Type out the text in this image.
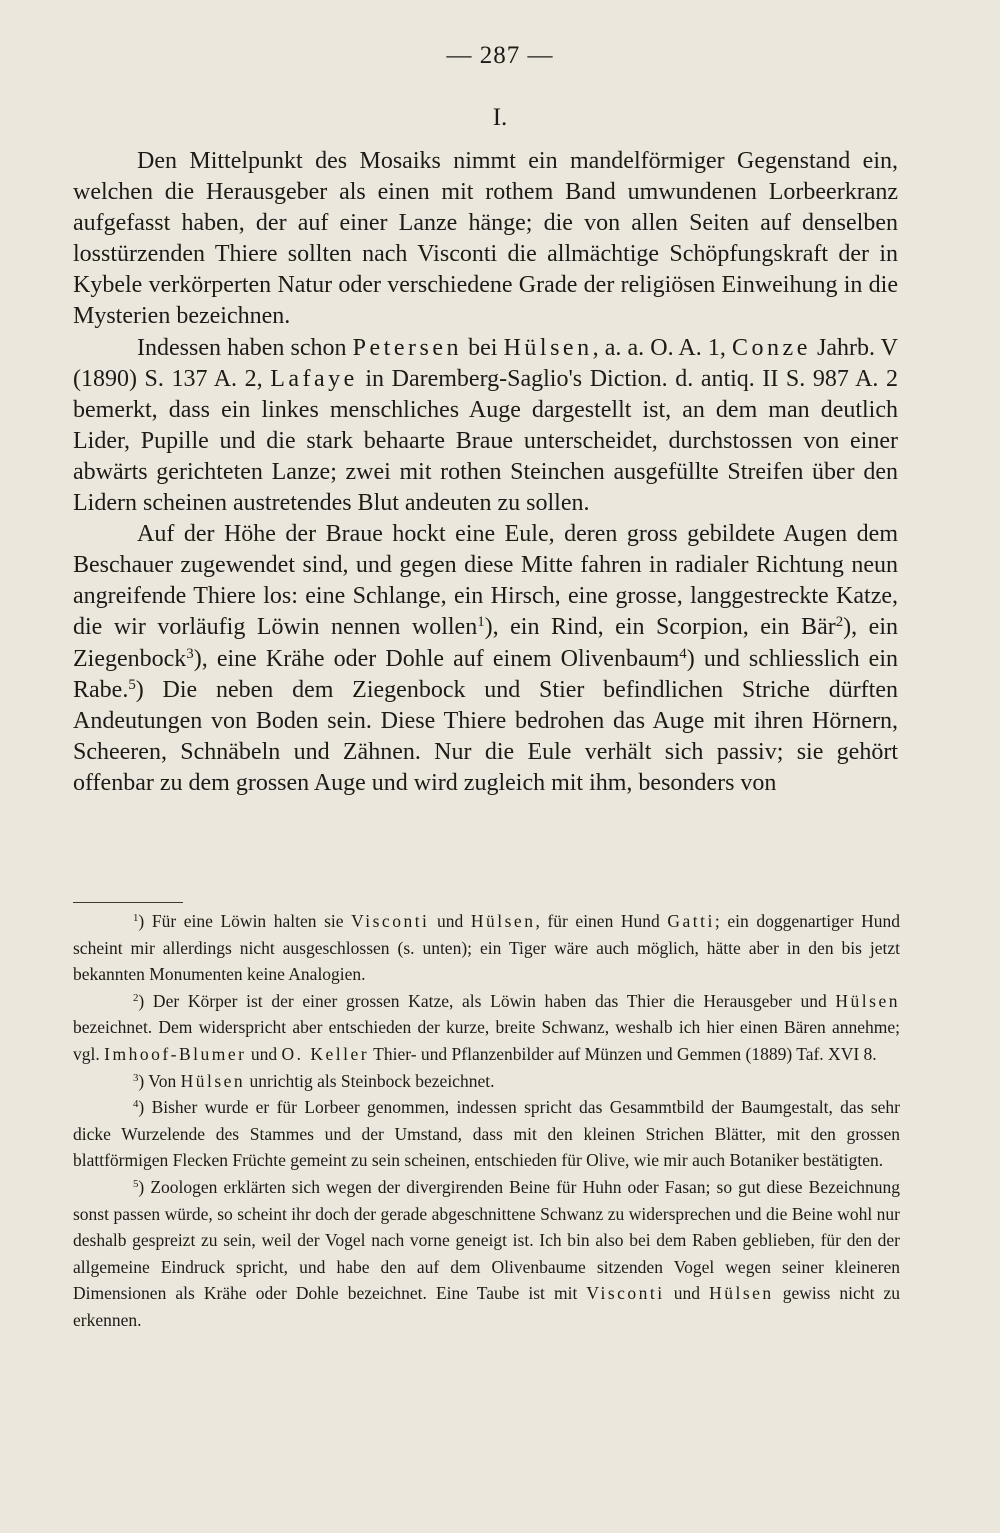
— 287 —
I.

Den Mittelpunkt des Mosaiks nimmt ein mandelförmiger Gegenstand ein, welchen die Herausgeber als einen mit rothem Band umwundenen Lorbeerkranz aufgefasst haben, der auf einer Lanze hänge; die von allen Seiten auf denselben losstürzenden Thiere sollten nach Visconti die allmächtige Schöpfungskraft der in Kybele verkörperten Natur oder verschiedene Grade der religiösen Einweihung in die Mysterien bezeichnen.

Indessen haben schon Petersen bei Hülsen, a. a. O. A. 1, Conze Jahrb. V (1890) S. 137 A. 2, Lafaye in Daremberg-Saglio's Diction. d. antiq. II S. 987 A. 2 bemerkt, dass ein linkes menschliches Auge dargestellt ist, an dem man deutlich Lider, Pupille und die stark behaarte Braue unterscheidet, durchstossen von einer abwärts gerichteten Lanze; zwei mit rothen Steinchen ausgefüllte Streifen über den Lidern scheinen austretendes Blut andeuten zu sollen.

Auf der Höhe der Braue hockt eine Eule, deren gross gebildete Augen dem Beschauer zugewendet sind, und gegen diese Mitte fahren in radialer Richtung neun angreifende Thiere los: eine Schlange, ein Hirsch, eine grosse, langgestreckte Katze, die wir vorläufig Löwin nennen wollen$^1$), ein Rind, ein Scorpion, ein Bär$^2$), ein Ziegenbock$^3$), eine Krähe oder Dohle auf einem Olivenbaum$^4$) und schliesslich ein Rabe.$^5$) Die neben dem Ziegenbock und Stier befindlichen Striche dürften Andeutungen von Boden sein. Diese Thiere bedrohen das Auge mit ihren Hörnern, Scheeren, Schnäbeln und Zähnen. Nur die Eule verhält sich passiv; sie gehört offenbar zu dem grossen Auge und wird zugleich mit ihm, besonders von

$^1$) Für eine Löwin halten sie Visconti und Hülsen, für einen Hund Gatti; ein doggenartiger Hund scheint mir allerdings nicht ausgeschlossen (s. unten); ein Tiger wäre auch möglich, hätte aber in den bis jetzt bekannten Monumenten keine Analogien.

$^2$) Der Körper ist der einer grossen Katze, als Löwin haben das Thier die Herausgeber und Hülsen bezeichnet. Dem widerspricht aber entschieden der kurze, breite Schwanz, weshalb ich hier einen Bären annehme; vgl. Imhoof-Blumer und O. Keller Thier- und Pflanzenbilder auf Münzen und Gemmen (1889) Taf. XVI 8.

$^3$) Von Hülsen unrichtig als Steinbock bezeichnet.

$^4$) Bisher wurde er für Lorbeer genommen, indessen spricht das Gesammtbild der Baumgestalt, das sehr dicke Wurzelende des Stammes und der Umstand, dass mit den kleinen Strichen Blätter, mit den grossen blattförmigen Flecken Früchte gemeint zu sein scheinen, entschieden für Olive, wie mir auch Botaniker bestätigten.

$^5$) Zoologen erklärten sich wegen der divergirenden Beine für Huhn oder Fasan; so gut diese Bezeichnung sonst passen würde, so scheint ihr doch der gerade abgeschnittene Schwanz zu widersprechen und die Beine wohl nur deshalb gespreizt zu sein, weil der Vogel nach vorne geneigt ist. Ich bin also bei dem Raben geblieben, für den der allgemeine Eindruck spricht, und habe den auf dem Olivenbaume sitzenden Vogel wegen seiner kleineren Dimensionen als Krähe oder Dohle bezeichnet. Eine Taube ist mit Visconti und Hülsen gewiss nicht zu erkennen.
